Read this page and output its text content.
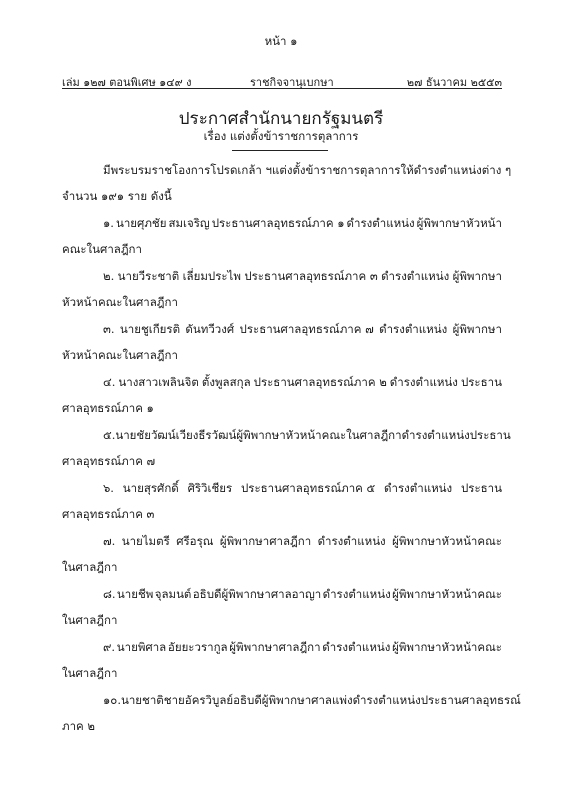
หน้า ๑
เล่ม ๑๒๗ ตอนพิเศษ ๑๔๙ ง	ราชกิจจานุเบกษา	๒๗ ธันวาคม ๒๕๕๓
ประกาศสำนักนายกรัฐมนตรี
เรื่อง แต่งตั้งข้าราชการตุลาการ
มีพระบรมราชโองการโปรดเกล้า ฯ แต่งตั้งข้าราชการตุลาการ ให้ดำรงตำแหน่งต่าง ๆ
จำนวน ๑๙๑ ราย ดังนี้
๑. นายศุภชัย สมเจริญ ประธานศาลอุทธรณ์ภาค ๑ ดำรงตำแหน่ง ผู้พิพากษาหัวหน้า
คณะในศาลฎีกา
๒. นายวีระชาติ เลี่ยมประไพ ประธานศาลอุทธรณ์ภาค ๓ ดำรงตำแหน่ง ผู้พิพากษา
หัวหน้าคณะในศาลฎีกา
๓. นายชูเกียรติ ดันทวีวงศ์ ประธานศาลอุทธรณ์ภาค ๗ ดำรงตำแหน่ง ผู้พิพากษา
หัวหน้าคณะในศาลฎีกา
๔. นางสาวเพลินจิต ตั้งพูลสกุล ประธานศาลอุทธรณ์ภาค ๒ ดำรงตำแหน่ง ประธาน
ศาลอุทธรณ์ภาค ๑
๕. นายชัยวัฒน์ เวียงธีรวัฒน์ ผู้พิพากษาหัวหน้าคณะในศาลฎีกา ดำรงตำแหน่ง ประธาน
ศาลอุทธรณ์ภาค ๗
๖. นายสุรศักดิ์ ศิริวิเชียร ประธานศาลอุทธรณ์ภาค ๕ ดำรงตำแหน่ง ประธาน
ศาลอุทธรณ์ภาค ๓
๗. นายไมตรี ศรีอรุณ ผู้พิพากษาศาลฎีกา ดำรงตำแหน่ง ผู้พิพากษาหัวหน้าคณะ
ในศาลฎีกา
๘. นายชีพ จุลมนต์ อธิบดีผู้พิพากษาศาลอาญา ดำรงตำแหน่ง ผู้พิพากษาหัวหน้าคณะ
ในศาลฎีกา
๙. นายพิศาล อัยยะวรากูล ผู้พิพากษาศาลฎีกา ดำรงตำแหน่ง ผู้พิพากษาหัวหน้าคณะ
ในศาลฎีกา
๑๐. นายชาติชาย อัครวิบูลย์ อธิบดีผู้พิพากษาศาลแพ่ง ดำรงตำแหน่ง ประธานศาลอุทธรณ์
ภาค ๒
